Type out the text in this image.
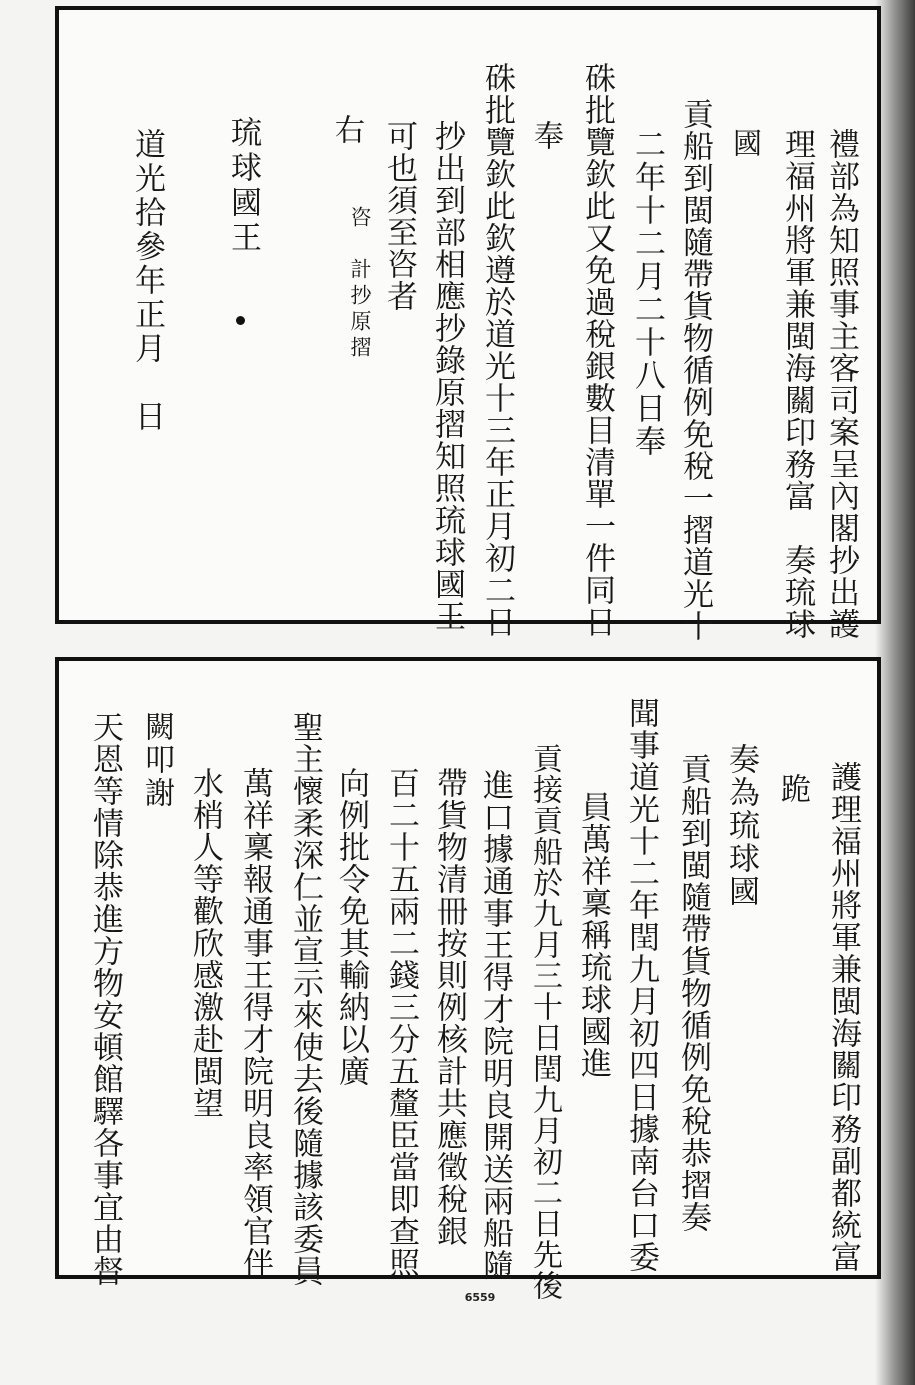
禮部為知照事主客司案呈內閣抄出護
理福州將軍兼閩海關印務富　奏琉球
國
貢船到閩隨帶貨物循例免稅一摺道光十
二年十二月二十八日奉
硃批覽欽此又免過稅銀數目清單一件同日
奉
硃批覽欽此欽遵於道光十三年正月初二日
抄出到部相應抄錄原摺知照琉球國王
可也須至咨者
右
咨　計抄原摺
琉球國王
道光拾參年正月　日
護理福州將軍兼閩海關印務副都統富
跪
奏為琉球國
貢船到閩隨帶貨物循例免稅恭摺奏
聞事道光十二年閏九月初四日據南台口委
員萬祥稟稱琉球國進
貢接貢船於九月三十日閏九月初二日先後
進口據通事王得才院明良開送兩船隨
帶貨物清冊按則例核計共應徵稅銀
百二十五兩二錢三分五釐臣當即查照
向例批令免其輸納以廣
聖主懷柔深仁並宣示來使去後隨據該委員
萬祥稟報通事王得才院明良率領官伴
水梢人等歡欣感激赴閩望
闕叩謝
天恩等情除恭進方物安頓館驛各事宜由督
6559
